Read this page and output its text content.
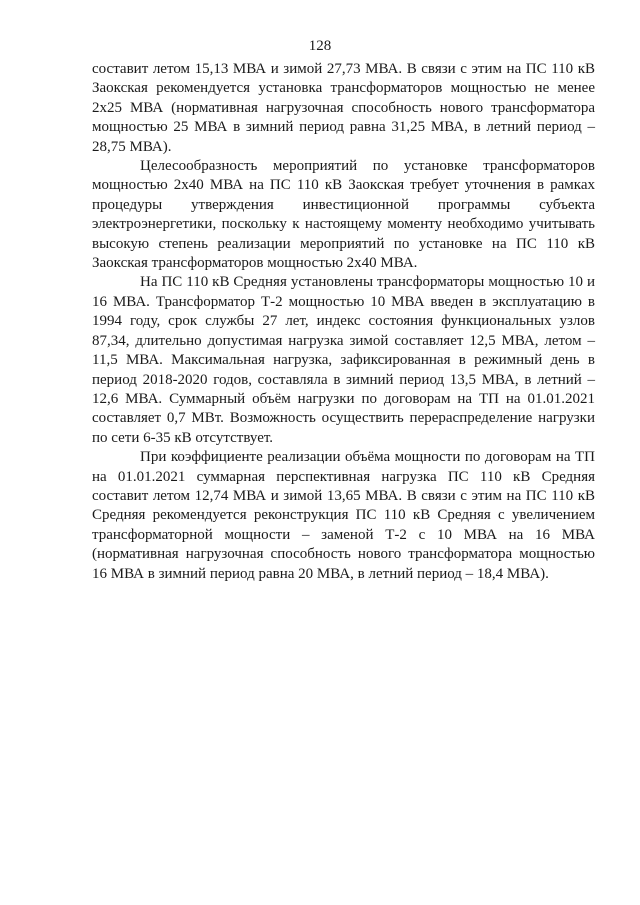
128

составит летом 15,13 МВА и зимой 27,73 МВА. В связи с этим на ПС 110 кВ Заокская рекомендуется установка трансформаторов мощностью не менее 2х25 МВА (нормативная нагрузочная способность нового трансформатора мощностью 25 МВА в зимний период равна 31,25 МВА, в летний период – 28,75 МВА).

Целесообразность мероприятий по установке трансформаторов мощностью 2х40 МВА на ПС 110 кВ Заокская требует уточнения в рамках процедуры утверждения инвестиционной программы субъекта электроэнергетики, поскольку к настоящему моменту необходимо учитывать высокую степень реализации мероприятий по установке на ПС 110 кВ Заокская трансформаторов мощностью 2х40 МВА.

На ПС 110 кВ Средняя установлены трансформаторы мощностью 10 и 16 МВА. Трансформатор Т-2 мощностью 10 МВА введен в эксплуатацию в 1994 году, срок службы 27 лет, индекс состояния функциональных узлов 87,34, длительно допустимая нагрузка зимой составляет 12,5 МВА, летом – 11,5 МВА. Максимальная нагрузка, зафиксированная в режимный день в период 2018-2020 годов, составляла в зимний период 13,5 МВА, в летний – 12,6 МВА. Суммарный объём нагрузки по договорам на ТП на 01.01.2021 составляет 0,7 МВт. Возможность осуществить перераспределение нагрузки по сети 6-35 кВ отсутствует.

При коэффициенте реализации объёма мощности по договорам на ТП на 01.01.2021 суммарная перспективная нагрузка ПС 110 кВ Средняя составит летом 12,74 МВА и зимой 13,65 МВА. В связи с этим на ПС 110 кВ Средняя рекомендуется реконструкция ПС 110 кВ Средняя с увеличением трансформаторной мощности – заменой Т-2 с 10 МВА на 16 МВА (нормативная нагрузочная способность нового трансформатора мощностью 16 МВА в зимний период равна 20 МВА, в летний период – 18,4 МВА).
